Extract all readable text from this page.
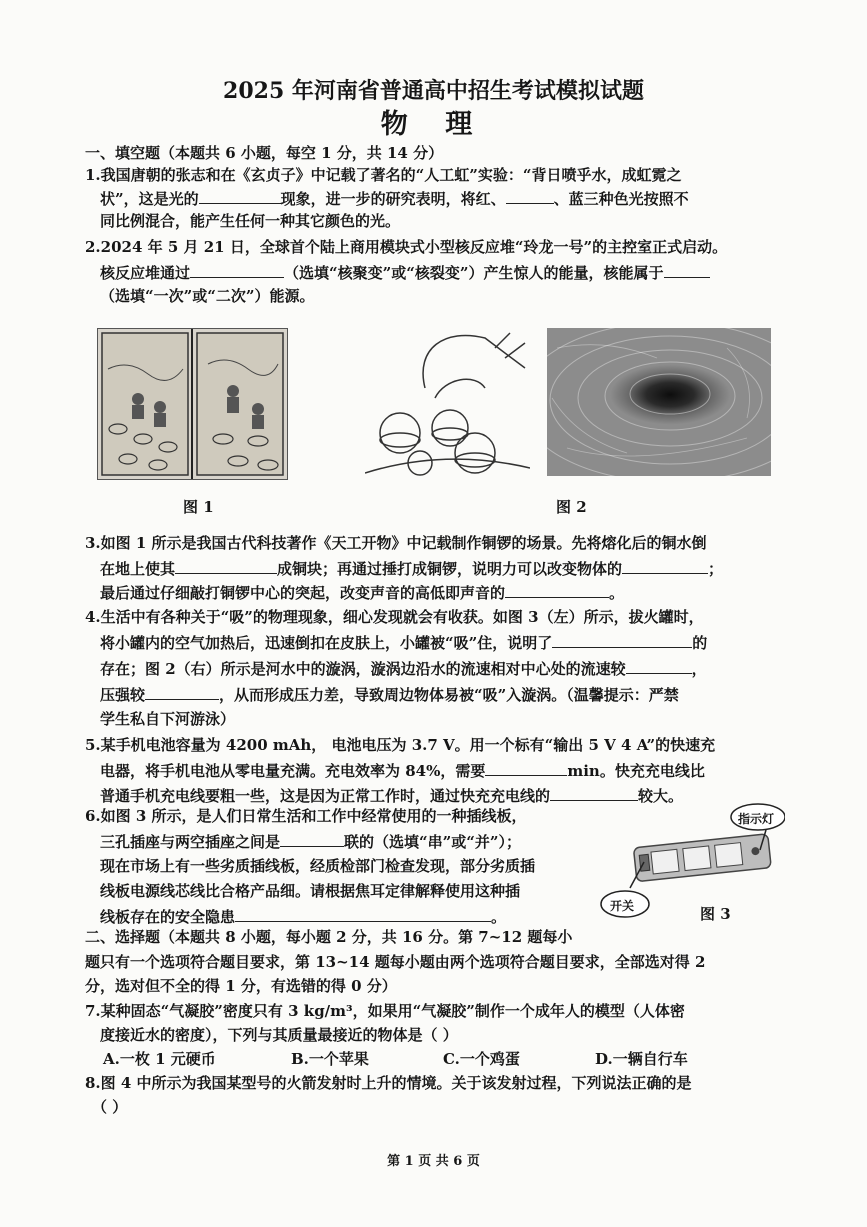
2025 年河南省普通高中招生考试模拟试题
物 理
一、填空题（本题共 6 小题，每空 1 分，共 14 分）
1.我国唐朝的张志和在《玄贞子》中记载了著名的“人工虹”实验：“背日喷乎水，成虹霓之
状”，这是光的	现象，进一步的研究表明，将红、	、蓝三种色光按照不
同比例混合，能产生任何一种其它颜色的光。
2.2024 年 5 月 21 日，全球首个陆上商用模块式小型核反应堆“玲龙一号”的主控室正式启动。
核反应堆通过	（选填“核聚变”或“核裂变”）产生惊人的能量，核能属于
（选填“一次”或“二次”）能源。
图 1	图 2
3.如图 1 所示是我国古代科技著作《天工开物》中记载制作铜锣的场景。先将熔化后的铜水倒
在地上使其	成铜块；再通过捶打成铜锣，说明力可以改变物体的	；
最后通过仔细敲打铜锣中心的突起，改变声音的高低即声音的	。
4.生活中有各种关于“吸”的物理现象，细心发现就会有收获。如图 3（左）所示，拔火罐时，
将小罐内的空气加热后，迅速倒扣在皮肤上，小罐被“吸”住，说明了	的
存在；图 2（右）所示是河水中的漩涡，漩涡边沿水的流速相对中心处的流速较	，
压强较	，从而形成压力差，导致周边物体易被“吸”入漩涡。（温馨提示：严禁
学生私自下河游泳）
5.某手机电池容量为 4200 mAh， 电池电压为 3.7 V。用一个标有“输出 5 V 4 A”的快速充
电器，将手机电池从零电量充满。充电效率为 84%，需要	min。快充充电线比
普通手机充电线要粗一些，这是因为正常工作时，通过快充充电线的	较大。
6.如图 3 所示，是人们日常生活和工作中经常使用的一种插线板，
三孔插座与两空插座之间是	联的（选填“串”或“并”）；
现在市场上有一些劣质插线板，经质检部门检查发现，部分劣质插
线板电源线芯线比合格产品细。请根据焦耳定律解释使用这种插
线板存在的安全隐患	。
开关
指示灯
图 3
二、选择题（本题共 8 小题，每小题 2 分，共 16 分。第 7~12 题每小
题只有一个选项符合题目要求，第 13~14 题每小题由两个选项符合题目要求，全部选对得 2
分，选对但不全的得 1 分，有选错的得 0 分）
7.某种固态“气凝胶”密度只有 3 kg/m³，如果用“气凝胶”制作一个成年人的模型（人体密
度接近水的密度），下列与其质量最接近的物体是（ ）
A.一枚 1 元硬币	B.一个苹果	C.一个鸡蛋	D.一辆自行车
8.图 4 中所示为我国某型号的火箭发射时上升的情境。关于该发射过程，下列说法正确的是
（ ）
第 1 页 共 6 页
